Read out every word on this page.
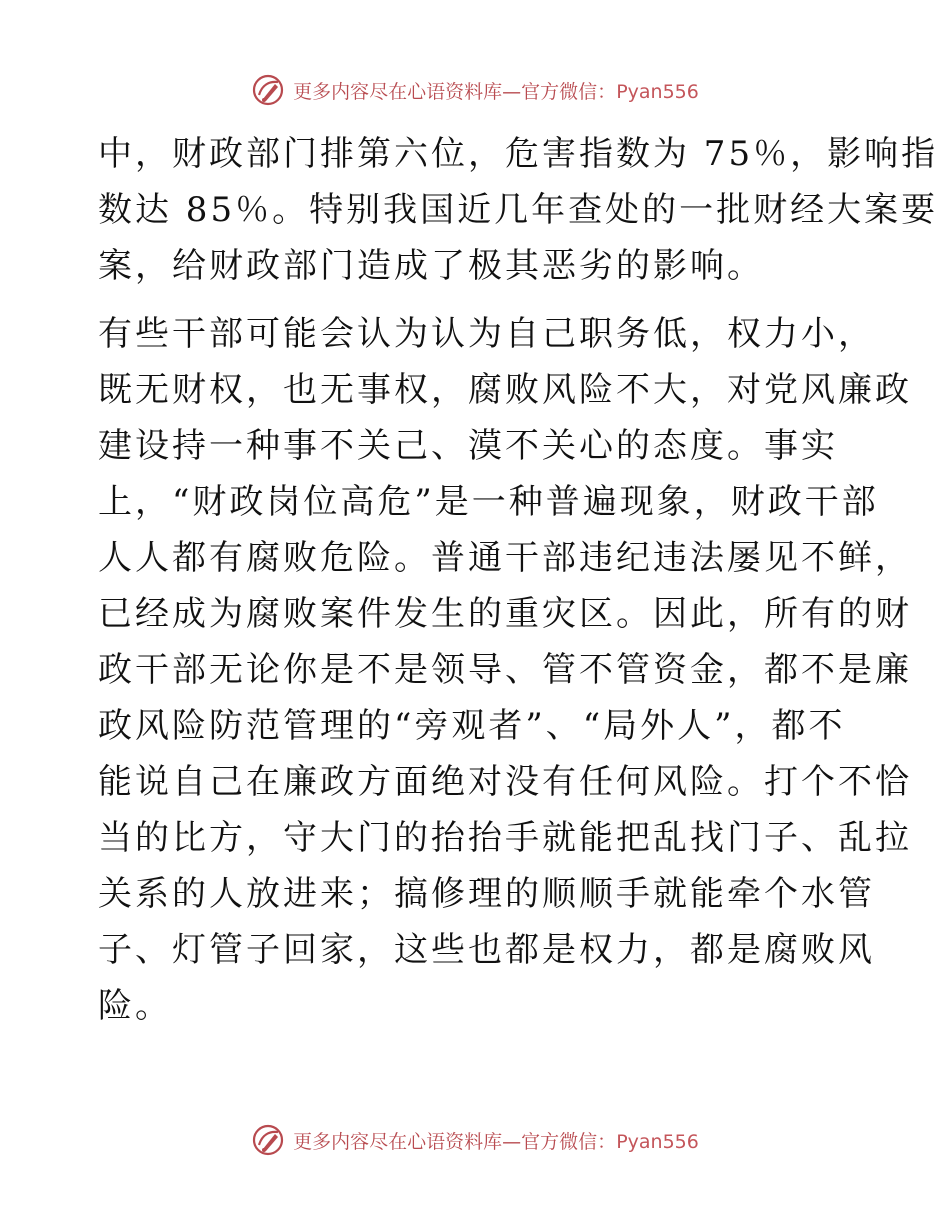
更多内容尽在心语资料库—官方微信：Pyan556
中，财政部门排第六位，危害指数为 75％，影响指
数达 85％。特别我国近几年查处的一批财经大案要
案，给财政部门造成了极其恶劣的影响。
有些干部可能会认为认为自己职务低，权力小，
既无财权，也无事权，腐败风险不大，对党风廉政
建设持一种事不关己、漠不关心的态度。事实
上，“财政岗位高危”是一种普遍现象，财政干部
人人都有腐败危险。普通干部违纪违法屡见不鲜，
已经成为腐败案件发生的重灾区。因此，所有的财
政干部无论你是不是领导、管不管资金，都不是廉
政风险防范管理的“旁观者”、“局外人”，都不
能说自己在廉政方面绝对没有任何风险。打个不恰
当的比方，守大门的抬抬手就能把乱找门子、乱拉
关系的人放进来；搞修理的顺顺手就能牵个水管
子、灯管子回家，这些也都是权力，都是腐败风
险。
更多内容尽在心语资料库—官方微信：Pyan556
